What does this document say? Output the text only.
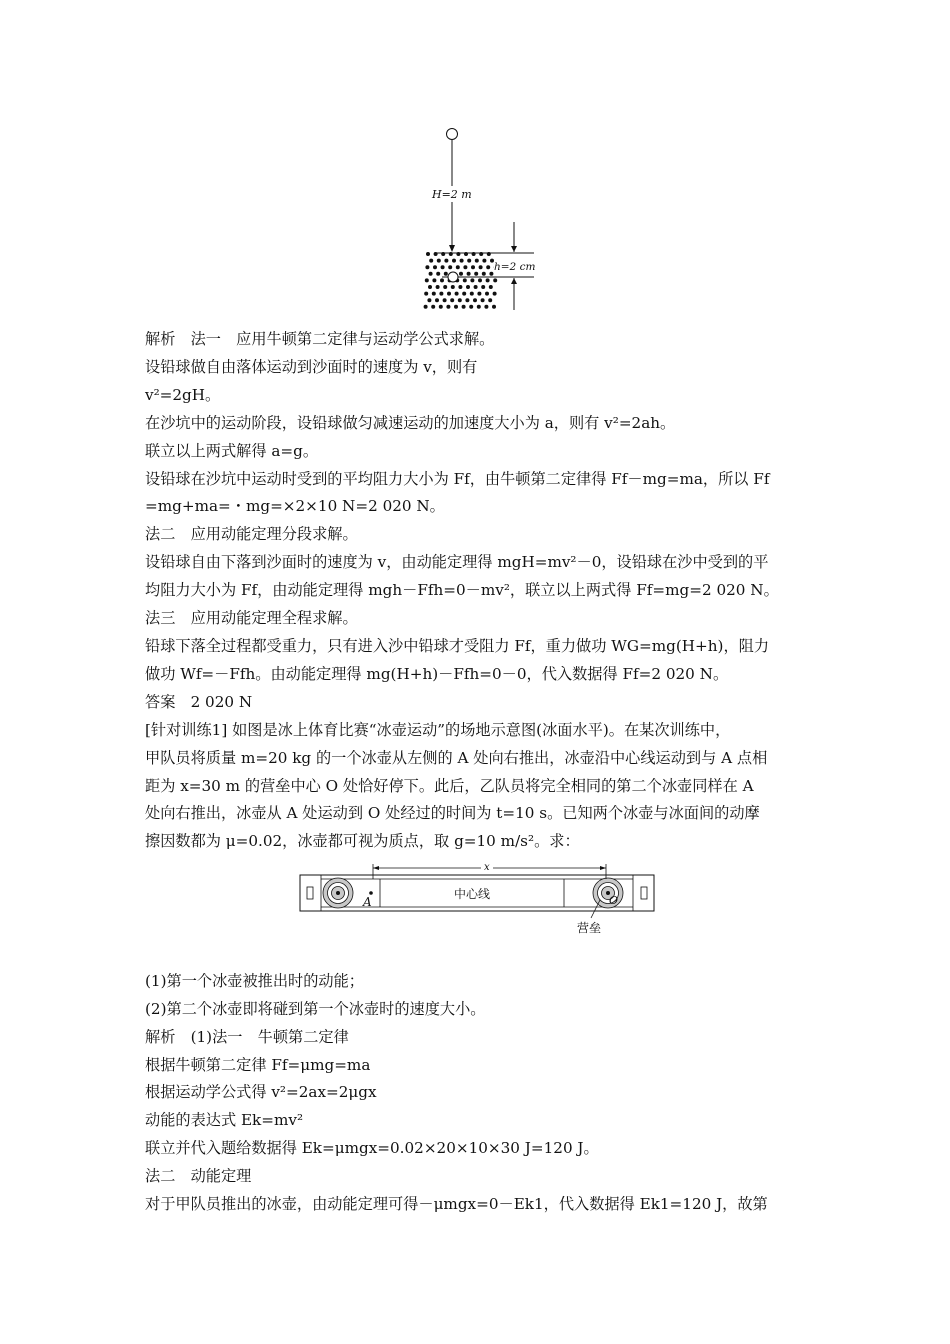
H=2 m
h=2 cm
x
A	O
中心线
营垒

解析　法一　应用牛顿第二定律与运动学公式求解。

设铅球做自由落体运动到沙面时的速度为 v，则有

v²=2gH。

在沙坑中的运动阶段，设铅球做匀减速运动的加速度大小为 a，则有 v²=2ah。

联立以上两式解得 a=g。

设铅球在沙坑中运动时受到的平均阻力大小为 Ff，由牛顿第二定律得 Ff－mg=ma，所以 Ff

=mg+ma=・mg=×2×10 N=2 020 N。

法二　应用动能定理分段求解。

设铅球自由下落到沙面时的速度为 v，由动能定理得 mgH=mv²－0，设铅球在沙中受到的平

均阻力大小为 Ff，由动能定理得 mgh－Ffh=0－mv²，联立以上两式得 Ff=mg=2 020 N。

法三　应用动能定理全程求解。

铅球下落全过程都受重力，只有进入沙中铅球才受阻力 Ff，重力做功 WG=mg(H+h)，阻力

做功 Wf=－Ffh。由动能定理得 mg(H+h)－Ffh=0－0，代入数据得 Ff=2 020 N。

答案　2 020 N

[针对训练1] 如图是冰上体育比赛“冰壶运动”的场地示意图(冰面水平)。在某次训练中，

甲队员将质量 m=20 kg 的一个冰壶从左侧的 A 处向右推出，冰壶沿中心线运动到与 A 点相

距为 x=30 m 的营垒中心 O 处恰好停下。此后，乙队员将完全相同的第二个冰壶同样在 A

处向右推出，冰壶从 A 处运动到 O 处经过的时间为 t=10 s。已知两个冰壶与冰面间的动摩

擦因数都为 μ=0.02，冰壶都可视为质点，取 g=10 m/s²。求：

(1)第一个冰壶被推出时的动能；

(2)第二个冰壶即将碰到第一个冰壶时的速度大小。

解析　(1)法一　牛顿第二定律

根据牛顿第二定律 Ff=μmg=ma

根据运动学公式得 v²=2ax=2μgx

动能的表达式 Ek=mv²

联立并代入题给数据得 Ek=μmgx=0.02×20×10×30 J=120 J。

法二　动能定理

对于甲队员推出的冰壶，由动能定理可得－μmgx=0－Ek1，代入数据得 Ek1=120 J，故第
